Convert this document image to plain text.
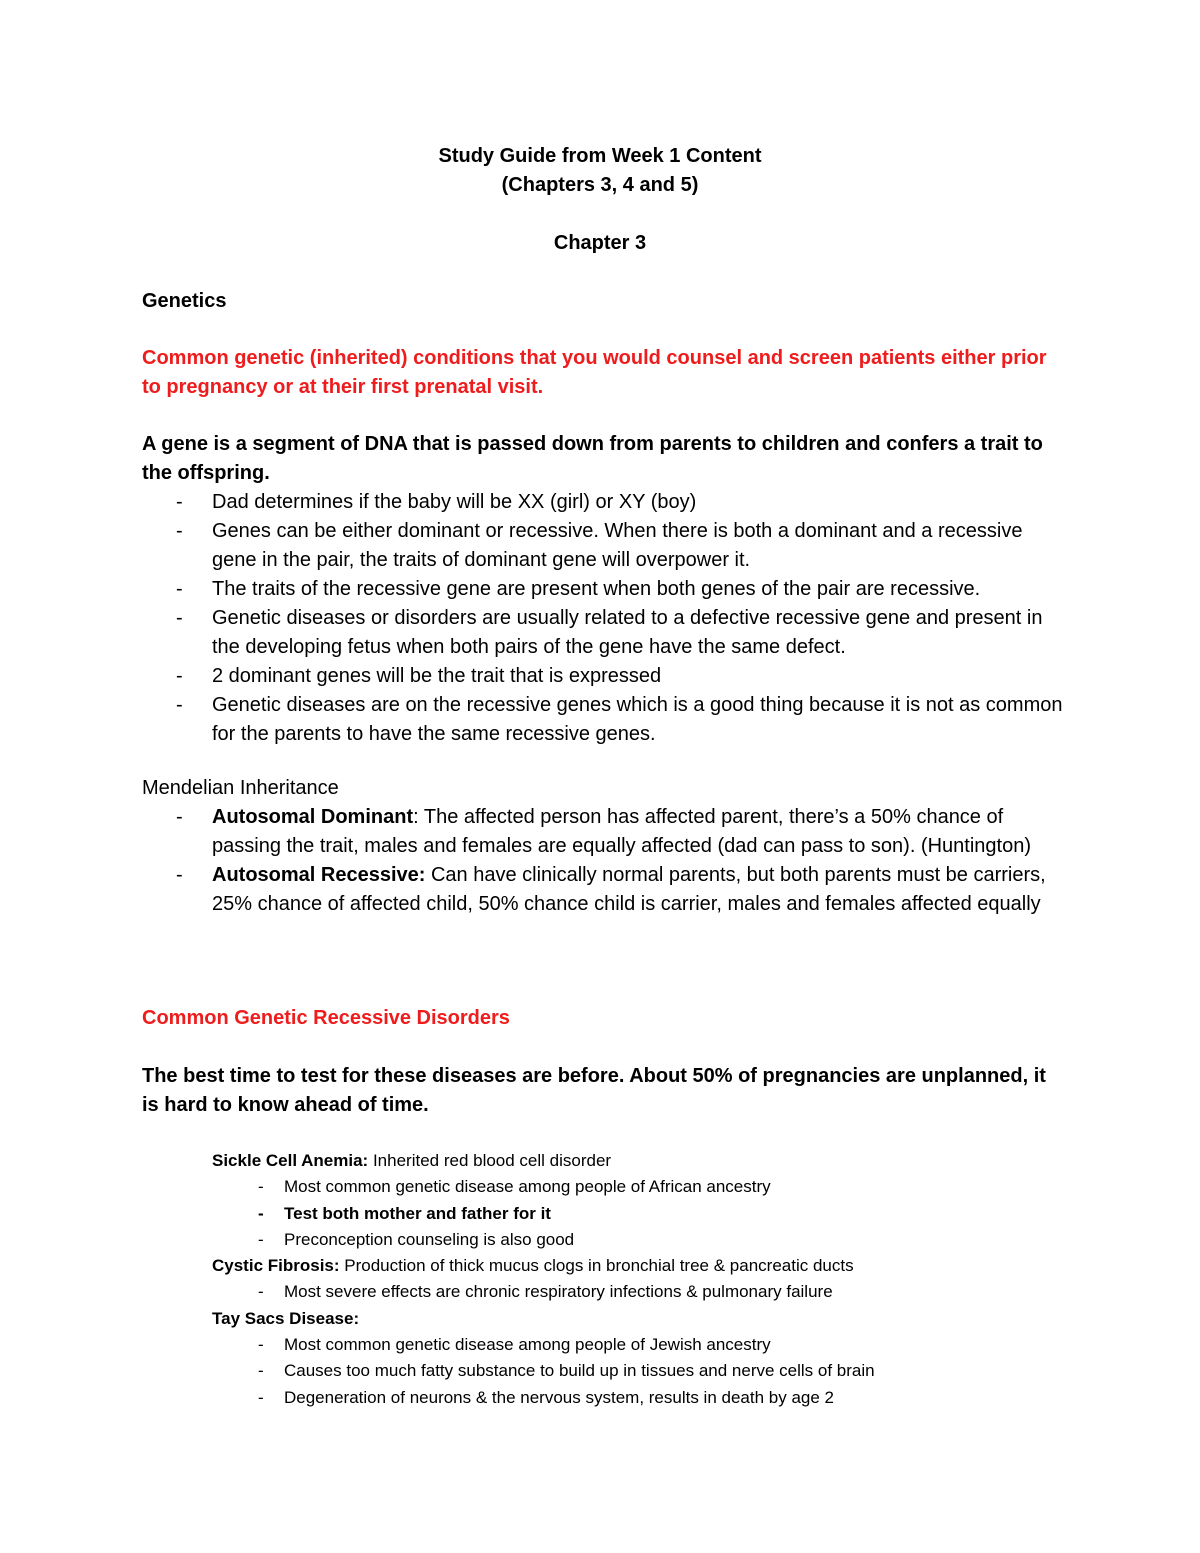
Study Guide from Week 1 Content
(Chapters 3, 4 and 5)
Chapter 3
Genetics
Common genetic (inherited) conditions that you would counsel and screen patients either prior to pregnancy or at their first prenatal visit.
A gene is a segment of DNA that is passed down from parents to children and confers a trait to the offspring.
- Dad determines if the baby will be XX (girl) or XY (boy)
- Genes can be either dominant or recessive. When there is both a dominant and a recessive gene in the pair, the traits of dominant gene will overpower it.
- The traits of the recessive gene are present when both genes of the pair are recessive.
- Genetic diseases or disorders are usually related to a defective recessive gene and present in the developing fetus when both pairs of the gene have the same defect.
- 2 dominant genes will be the trait that is expressed
- Genetic diseases are on the recessive genes which is a good thing because it is not as common for the parents to have the same recessive genes.
Mendelian Inheritance
- Autosomal Dominant: The affected person has affected parent, there’s a 50% chance of passing the trait, males and females are equally affected (dad can pass to son). (Huntington)
- Autosomal Recessive: Can have clinically normal parents, but both parents must be carriers, 25% chance of affected child, 50% chance child is carrier, males and females affected equally
Common Genetic Recessive Disorders
The best time to test for these diseases are before. About 50% of pregnancies are unplanned, it is hard to know ahead of time.
Sickle Cell Anemia: Inherited red blood cell disorder
- Most common genetic disease among people of African ancestry
- Test both mother and father for it
- Preconception counseling is also good
Cystic Fibrosis: Production of thick mucus clogs in bronchial tree & pancreatic ducts
- Most severe effects are chronic respiratory infections & pulmonary failure
Tay Sacs Disease:
- Most common genetic disease among people of Jewish ancestry
- Causes too much fatty substance to build up in tissues and nerve cells of brain
- Degeneration of neurons & the nervous system, results in death by age 2
